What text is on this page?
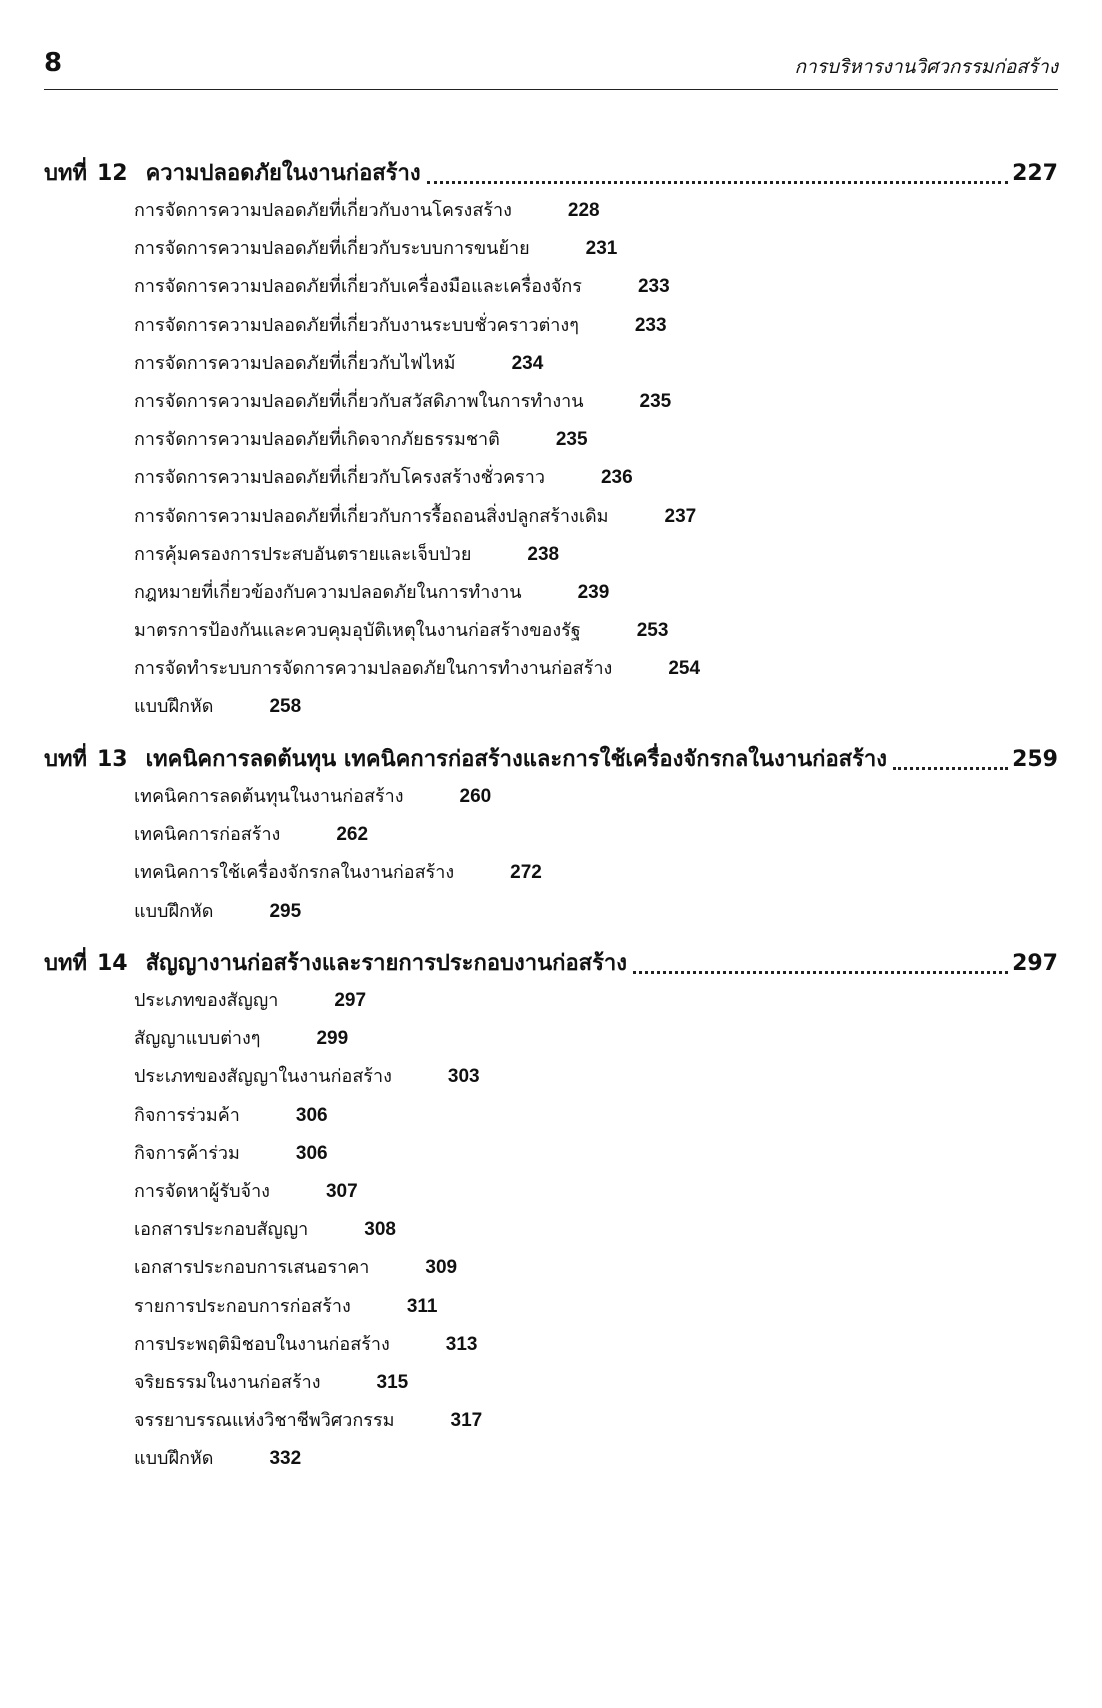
8	การบริหารงานวิศวกรรมก่อสร้าง
บทที่ 12 ความปลอดภัยในงานก่อสร้าง	227
การจัดการความปลอดภัยที่เกี่ยวกับงานโครงสร้าง	228
การจัดการความปลอดภัยที่เกี่ยวกับระบบการขนย้าย	231
การจัดการความปลอดภัยที่เกี่ยวกับเครื่องมือและเครื่องจักร	233
การจัดการความปลอดภัยที่เกี่ยวกับงานระบบชั่วคราวต่างๆ	233
การจัดการความปลอดภัยที่เกี่ยวกับไฟไหม้	234
การจัดการความปลอดภัยที่เกี่ยวกับสวัสดิภาพในการทำงาน	235
การจัดการความปลอดภัยที่เกิดจากภัยธรรมชาติ	235
การจัดการความปลอดภัยที่เกี่ยวกับโครงสร้างชั่วคราว	236
การจัดการความปลอดภัยที่เกี่ยวกับการรื้อถอนสิ่งปลูกสร้างเดิม	237
การคุ้มครองการประสบอันตรายและเจ็บป่วย	238
กฎหมายที่เกี่ยวข้องกับความปลอดภัยในการทำงาน	239
มาตรการป้องกันและควบคุมอุบัติเหตุในงานก่อสร้างของรัฐ	253
การจัดทำระบบการจัดการความปลอดภัยในการทำงานก่อสร้าง	254
แบบฝึกหัด	258
บทที่ 13 เทคนิคการลดต้นทุน เทคนิคการก่อสร้างและการใช้เครื่องจักรกลในงานก่อสร้าง	259
เทคนิคการลดต้นทุนในงานก่อสร้าง	260
เทคนิคการก่อสร้าง	262
เทคนิคการใช้เครื่องจักรกลในงานก่อสร้าง	272
แบบฝึกหัด	295
บทที่ 14 สัญญางานก่อสร้างและรายการประกอบงานก่อสร้าง	297
ประเภทของสัญญา	297
สัญญาแบบต่างๆ	299
ประเภทของสัญญาในงานก่อสร้าง	303
กิจการร่วมค้า	306
กิจการค้าร่วม	306
การจัดหาผู้รับจ้าง	307
เอกสารประกอบสัญญา	308
เอกสารประกอบการเสนอราคา	309
รายการประกอบการก่อสร้าง	311
การประพฤติมิชอบในงานก่อสร้าง	313
จริยธรรมในงานก่อสร้าง	315
จรรยาบรรณแห่งวิชาชีพวิศวกรรม	317
แบบฝึกหัด	332
